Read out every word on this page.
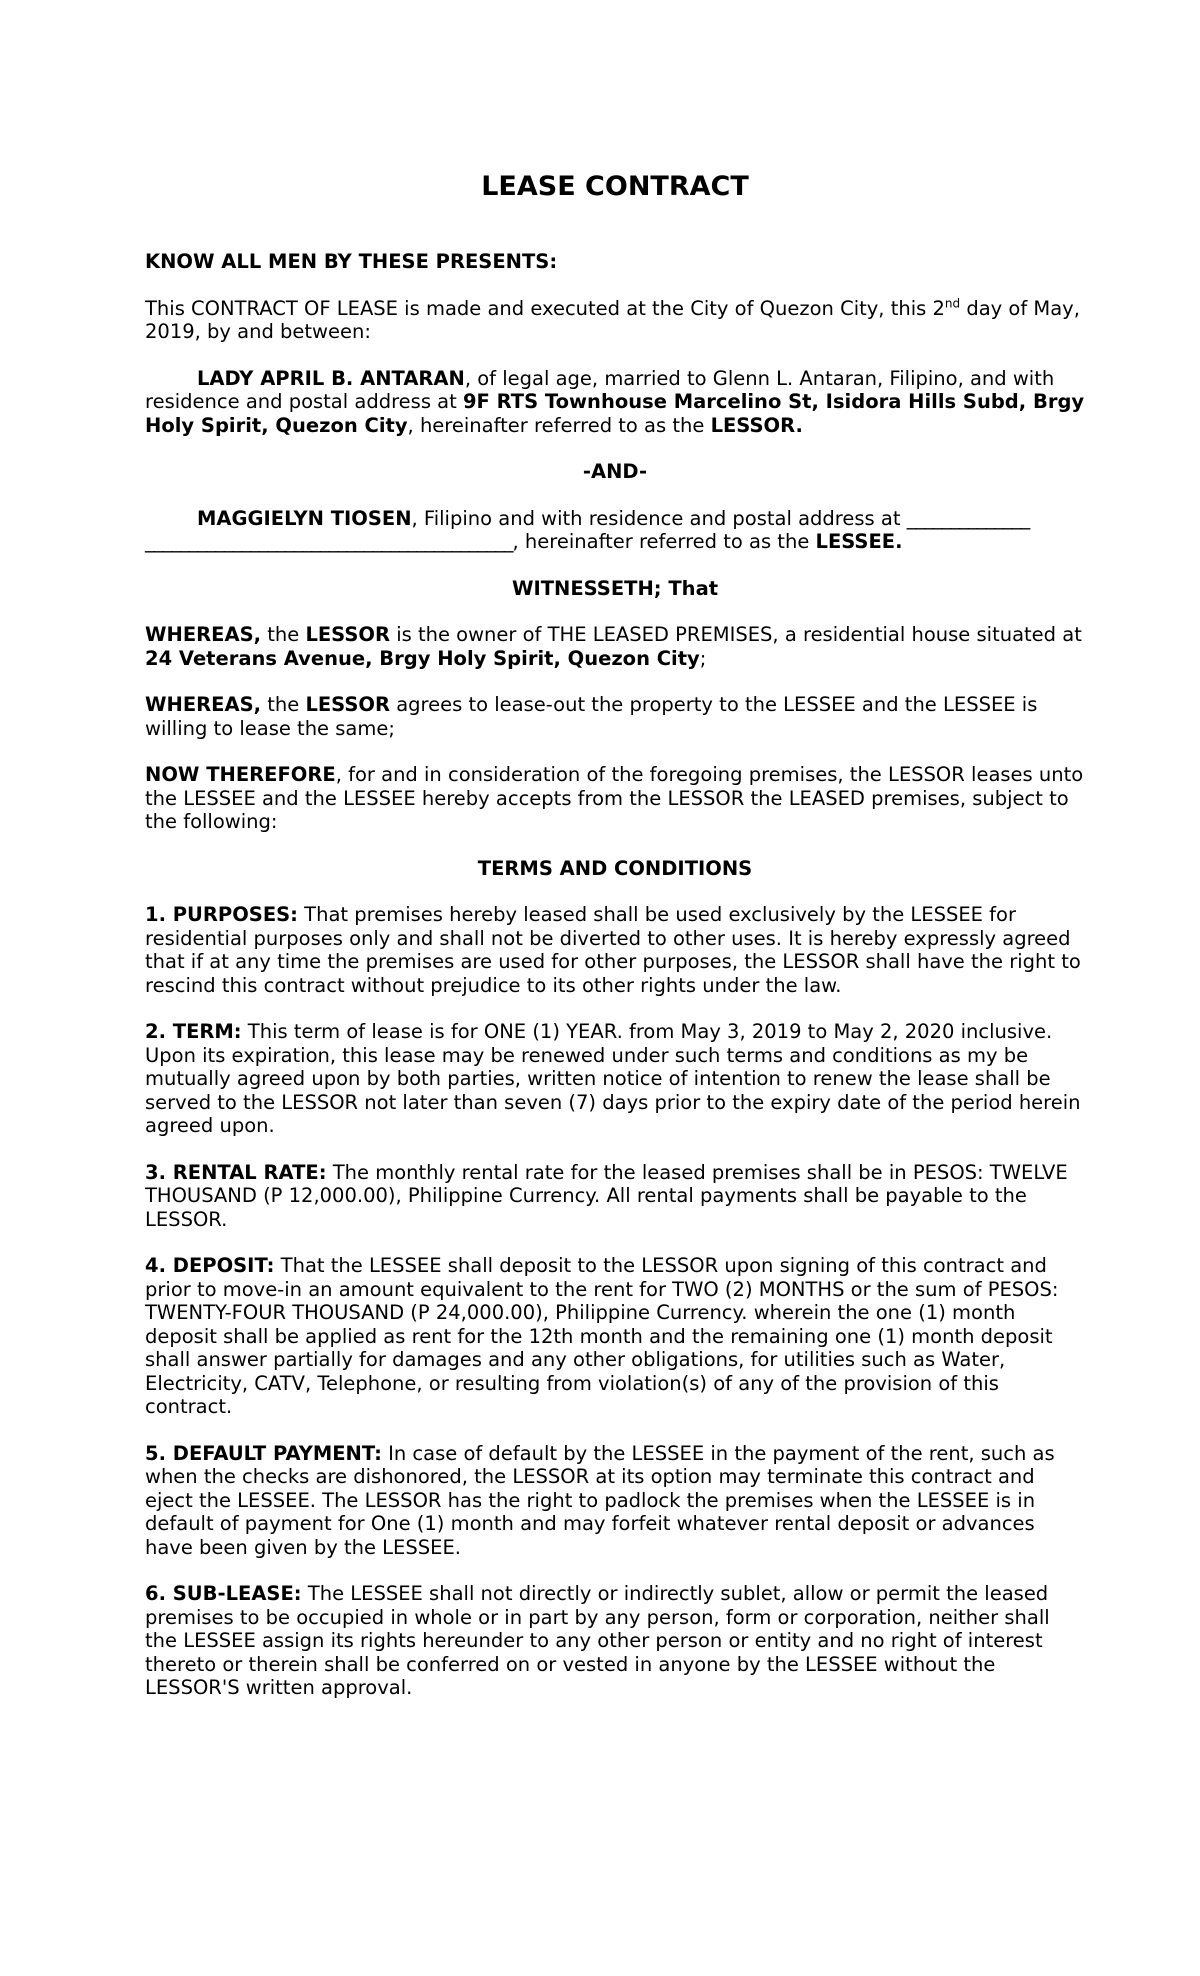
LEASE CONTRACT

KNOW ALL MEN BY THESE PRESENTS:

This CONTRACT OF LEASE is made and executed at the City of Quezon City, this 2nd day of May, 2019, by and between:

LADY APRIL B. ANTARAN, of legal age, married to Glenn L. Antaran, Filipino, and with residence and postal address at 9F RTS Townhouse Marcelino St, Isidora Hills Subd, Brgy Holy Spirit, Quezon City, hereinafter referred to as the LESSOR.

-AND-

MAGGIELYN TIOSEN, Filipino and with residence and postal address at ______________ __________________________________________, hereinafter referred to as the LESSEE.

WITNESSETH; That

WHEREAS, the LESSOR is the owner of THE LEASED PREMISES, a residential house situated at 24 Veterans Avenue, Brgy Holy Spirit, Quezon City;

WHEREAS, the LESSOR agrees to lease-out the property to the LESSEE and the LESSEE is willing to lease the same;

NOW THEREFORE, for and in consideration of the foregoing premises, the LESSOR leases unto the LESSEE and the LESSEE hereby accepts from the LESSOR the LEASED premises, subject to the following:

TERMS AND CONDITIONS

1. PURPOSES: That premises hereby leased shall be used exclusively by the LESSEE for residential purposes only and shall not be diverted to other uses. It is hereby expressly agreed that if at any time the premises are used for other purposes, the LESSOR shall have the right to rescind this contract without prejudice to its other rights under the law.

2. TERM: This term of lease is for ONE (1) YEAR. from May 3, 2019 to May 2, 2020 inclusive. Upon its expiration, this lease may be renewed under such terms and conditions as my be mutually agreed upon by both parties, written notice of intention to renew the lease shall be served to the LESSOR not later than seven (7) days prior to the expiry date of the period herein agreed upon.

3. RENTAL RATE: The monthly rental rate for the leased premises shall be in PESOS: TWELVE THOUSAND (P 12,000.00), Philippine Currency. All rental payments shall be payable to the LESSOR.

4. DEPOSIT: That the LESSEE shall deposit to the LESSOR upon signing of this contract and prior to move-in an amount equivalent to the rent for TWO (2) MONTHS or the sum of PESOS: TWENTY-FOUR THOUSAND (P 24,000.00), Philippine Currency. wherein the one (1) month deposit shall be applied as rent for the 12th month and the remaining one (1) month deposit shall answer partially for damages and any other obligations, for utilities such as Water, Electricity, CATV, Telephone, or resulting from violation(s) of any of the provision of this contract.

5. DEFAULT PAYMENT: In case of default by the LESSEE in the payment of the rent, such as when the checks are dishonored, the LESSOR at its option may terminate this contract and eject the LESSEE. The LESSOR has the right to padlock the premises when the LESSEE is in default of payment for One (1) month and may forfeit whatever rental deposit or advances have been given by the LESSEE.

6. SUB-LEASE: The LESSEE shall not directly or indirectly sublet, allow or permit the leased premises to be occupied in whole or in part by any person, form or corporation, neither shall the LESSEE assign its rights hereunder to any other person or entity and no right of interest thereto or therein shall be conferred on or vested in anyone by the LESSEE without the LESSOR'S written approval.
